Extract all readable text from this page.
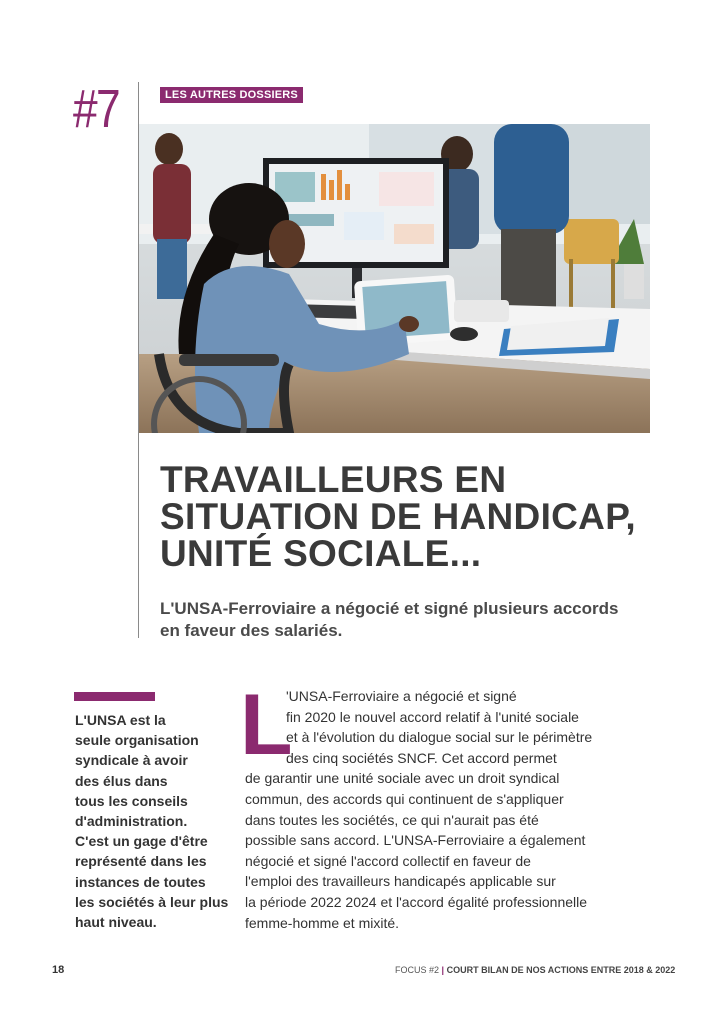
#7	LES AUTRES DOSSIERS
TRAVAILLEURS EN
SITUATION DE HANDICAP,
UNITÉ SOCIALE...
L'UNSA-Ferroviaire a négocié et signé plusieurs accords en faveur des salariés.
L'UNSA est la
seule organisation
syndicale à avoir
des élus dans
tous les conseils
d'administration.
C'est un gage d'être
représenté dans les
instances de toutes
les sociétés à leur plus
haut niveau.
L
'UNSA-Ferroviaire a négocié et signé
fin 2020 le nouvel accord relatif à l'unité sociale
et à l'évolution du dialogue social sur le périmètre
des cinq sociétés SNCF. Cet accord permet
de garantir une unité sociale avec un droit syndical
commun, des accords qui continuent de s'appliquer
dans toutes les sociétés, ce qui n'aurait pas été
possible sans accord. L'UNSA-Ferroviaire a également
négocié et signé l'accord collectif en faveur de
l'emploi des travailleurs handicapés applicable sur
la période 2022 2024 et l'accord égalité professionnelle
femme-homme et mixité.
18	FOCUS #2 | COURT BILAN DE NOS ACTIONS ENTRE 2018 & 2022
